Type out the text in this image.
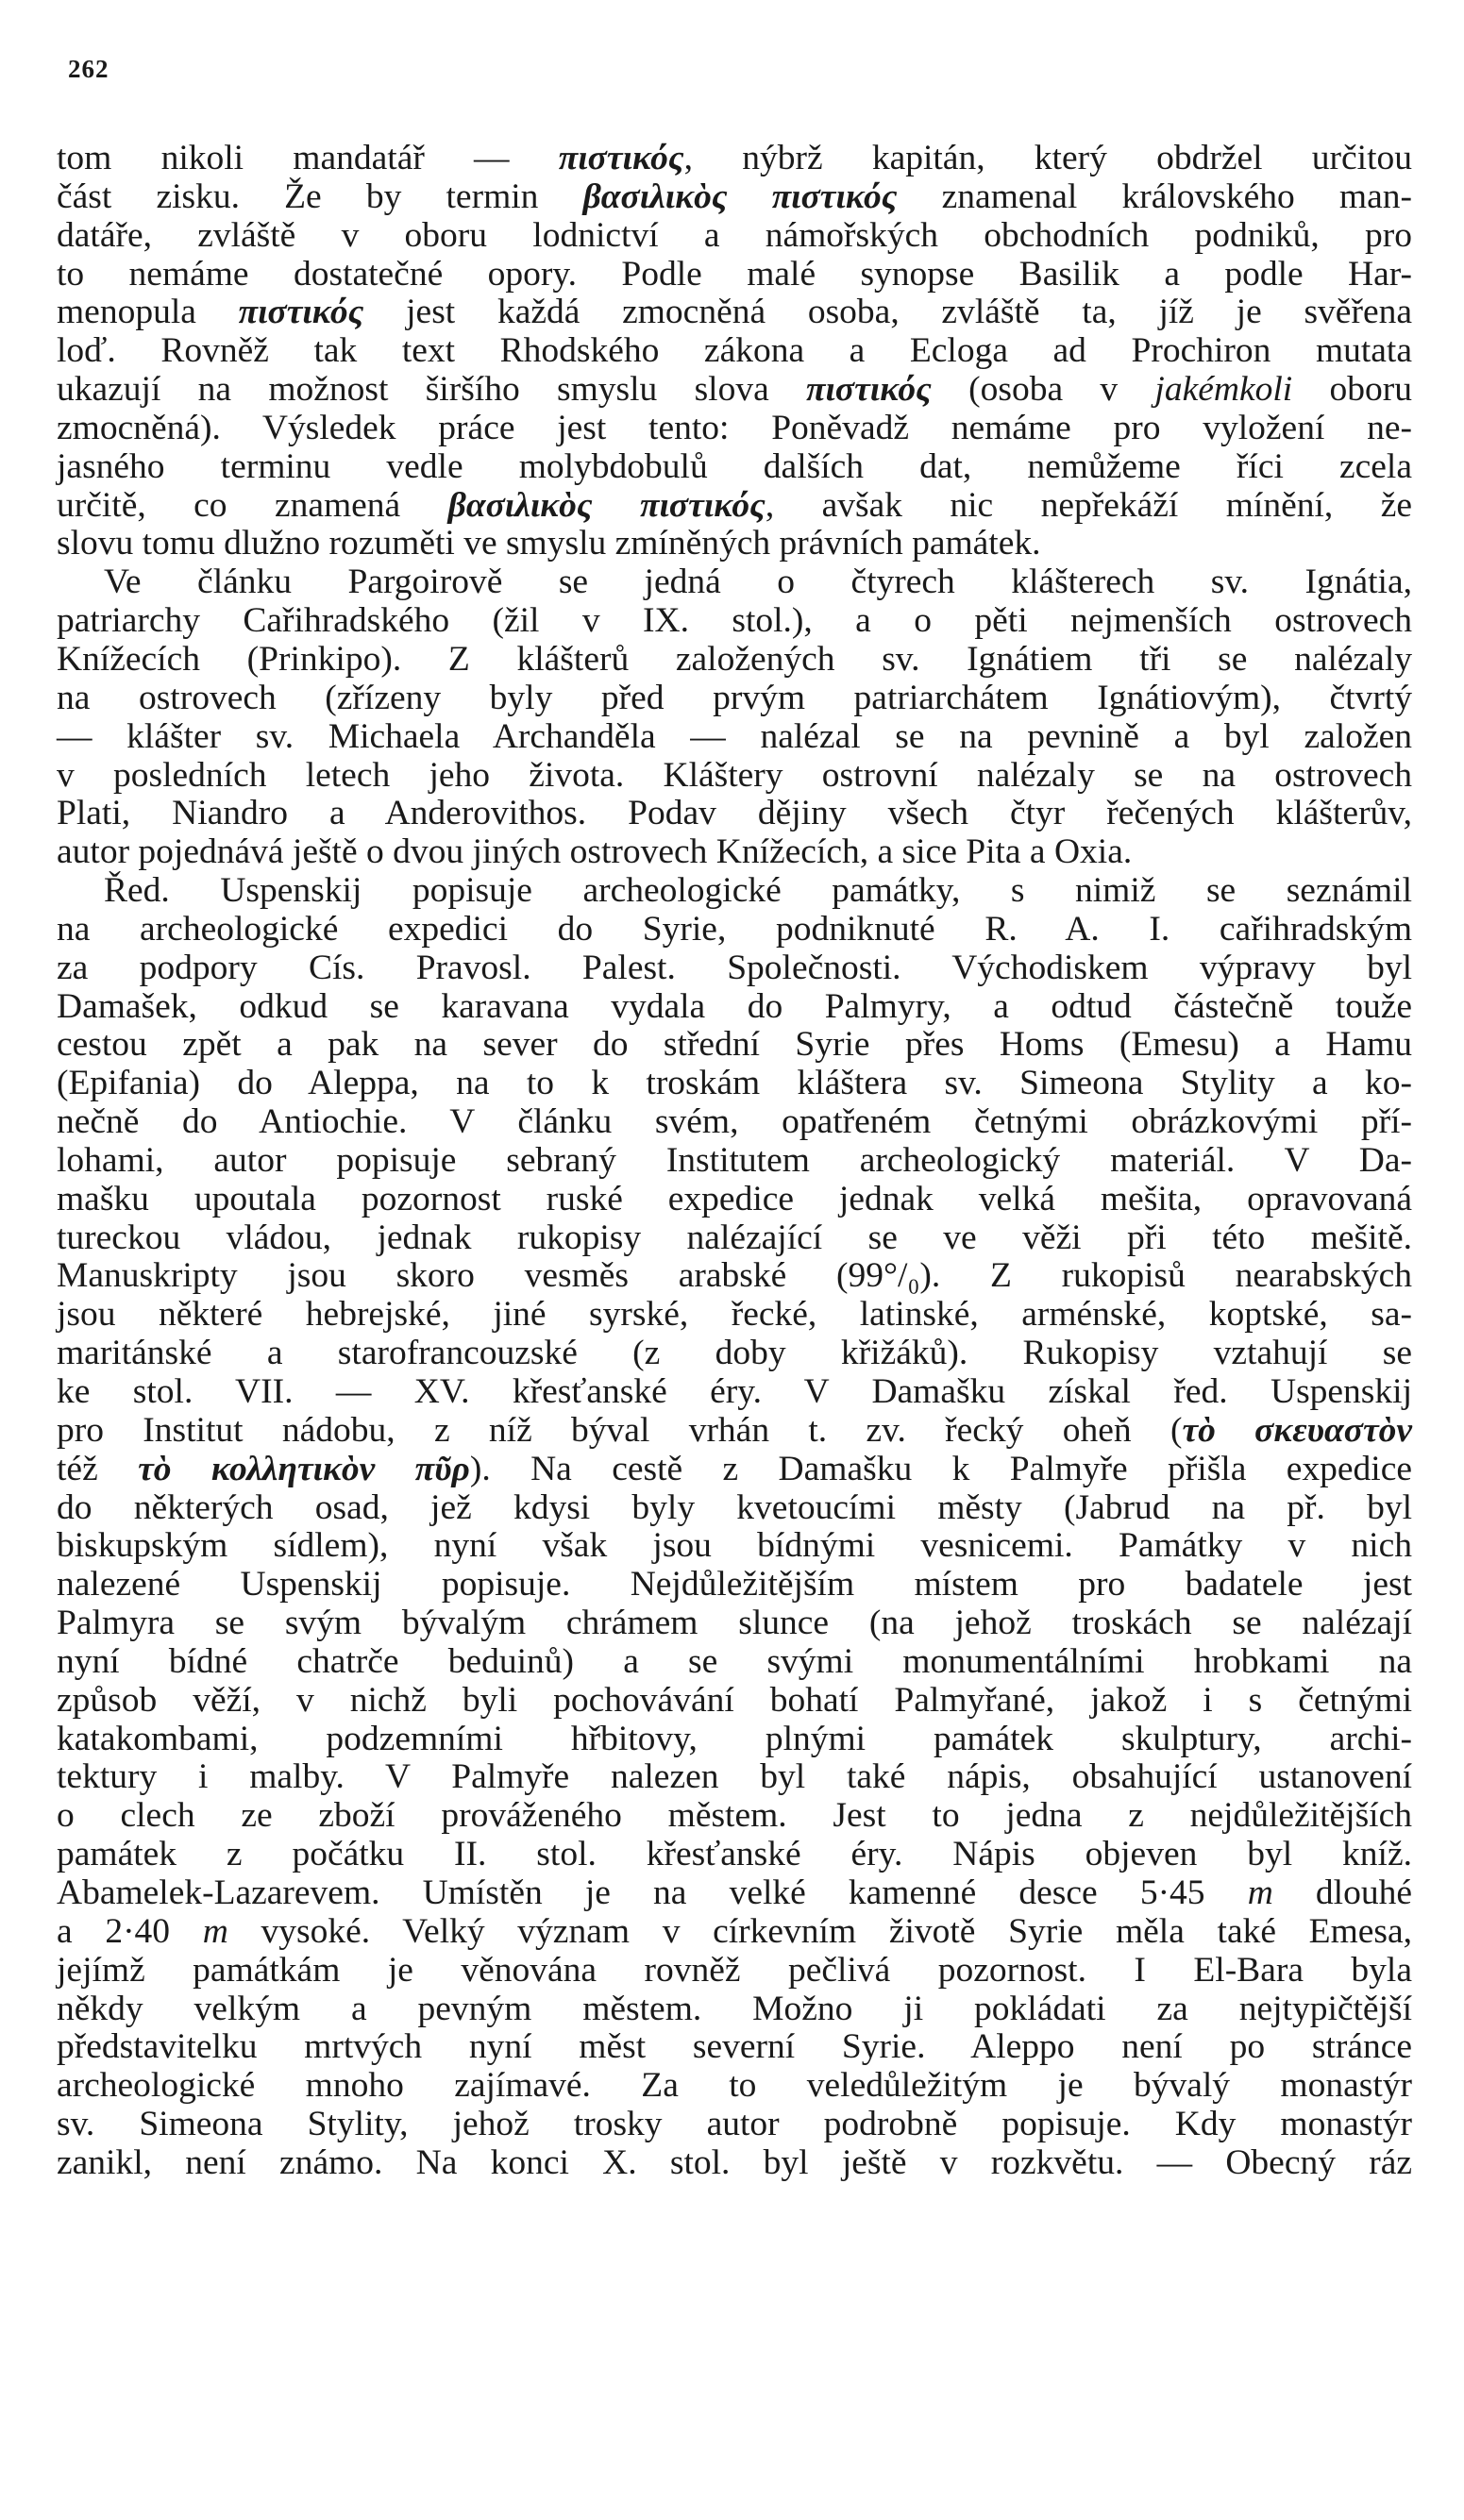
262
tom nikoli mandatář — πιστικός, nýbrž kapitán, který obdržel určitou
část zisku. Že by termin βασιλικὸς πιστικός znamenal královského man-
datáře, zvláště v oboru lodnictví a námořských obchodních podniků, pro
to nemáme dostatečné opory. Podle malé synopse Basilik a podle Har-
menopula πιστικός jest každá zmocněná osoba, zvláště ta, jíž je svěřena
loď. Rovněž tak text Rhodského zákona a Ecloga ad Prochiron mutata
ukazují na možnost širšího smyslu slova πιστικός (osoba v jakémkoli oboru
zmocněná). Výsledek práce jest tento: Poněvadž nemáme pro vyložení ne-
jasného terminu vedle molybdobulů dalších dat, nemůžeme říci zcela
určitě, co znamená βασιλικὸς πιστικός, avšak nic nepřekáží mínění, že
slovu tomu dlužno rozuměti ve smyslu zmíněných právních památek.
Ve článku Pargoirově se jedná o čtyrech klášterech sv. Ignátia,
patriarchy Cařihradského (žil v IX. stol.), a o pěti nejmenších ostrovech
Knížecích (Prinkipo). Z klášterů založených sv. Ignátiem tři se nalézaly
na ostrovech (zřízeny byly před prvým patriarchátem Ignátiovým), čtvrtý
— klášter sv. Michaela Archanděla — nalézal se na pevnině a byl založen
v posledních letech jeho života. Kláštery ostrovní nalézaly se na ostrovech
Plati, Niandro a Anderovithos. Podav dějiny všech čtyr řečených klášterův,
autor pojednává ještě o dvou jiných ostrovech Knížecích, a sice Pita a Oxia.
Řed. Uspenskij popisuje archeologické památky, s nimiž se seznámil
na archeologické expedici do Syrie, podniknuté R. A. I. cařihradským
za podpory Cís. Pravosl. Palest. Společnosti. Východiskem výpravy byl
Damašek, odkud se karavana vydala do Palmyry, a odtud částečně touže
cestou zpět a pak na sever do střední Syrie přes Homs (Emesu) a Hamu
(Epifania) do Aleppa, na to k troskám kláštera sv. Simeona Stylity a ko-
nečně do Antiochie. V článku svém, opatřeném četnými obrázkovými pří-
lohami, autor popisuje sebraný Institutem archeologický materiál. V Da-
mašku upoutala pozornost ruské expedice jednak velká mešita, opravovaná
tureckou vládou, jednak rukopisy nalézající se ve věži při této mešitě.
Manuskripty jsou skoro vesměs arabské (99°/₀). Z rukopisů nearabských
jsou některé hebrejské, jiné syrské, řecké, latinské, arménské, koptské, sa-
maritánské a starofrancouzské (z doby křižáků). Rukopisy vztahují se
ke stol. VII. — XV. křesťanské éry. V Damašku získal řed. Uspenskij
pro Institut nádobu, z níž býval vrhán t. zv. řecký oheň (τὸ σκευαστὸν
též τὸ κολλητικὸν πῦρ). Na cestě z Damašku k Palmyře přišla expedice
do některých osad, jež kdysi byly kvetoucími městy (Jabrud na př. byl
biskupským sídlem), nyní však jsou bídnými vesnicemi. Památky v nich
nalezené Uspenskij popisuje. Nejdůležitějším místem pro badatele jest
Palmyra se svým bývalým chrámem slunce (na jehož troskách se nalézají
nyní bídné chatrče beduinů) a se svými monumentálními hrobkami na
způsob věží, v nichž byli pochovávání bohatí Palmyřané, jakož i s četnými
katakombami, podzemními hřbitovy, plnými památek skulptury, archi-
tektury i malby. V Palmyře nalezen byl také nápis, obsahující ustanovení
o clech ze zboží prováženého městem. Jest to jedna z nejdůležitějších
památek z počátku II. stol. křesťanské éry. Nápis objeven byl kníž.
Abamelek-Lazarevem. Umístěn je na velké kamenné desce 5·45 m dlouhé
a 2·40 m vysoké. Velký význam v církevním životě Syrie měla také Emesa,
jejímž památkám je věnována rovněž pečlivá pozornost. I El-Bara byla
někdy velkým a pevným městem. Možno ji pokládati za nejtypičtější
představitelku mrtvých nyní měst severní Syrie. Aleppo není po stránce
archeologické mnoho zajímavé. Za to veledůležitým je bývalý monastýr
sv. Simeona Stylity, jehož trosky autor podrobně popisuje. Kdy monastýr
zanikl, není známo. Na konci X. stol. byl ještě v rozkvětu. — Obecný ráz
